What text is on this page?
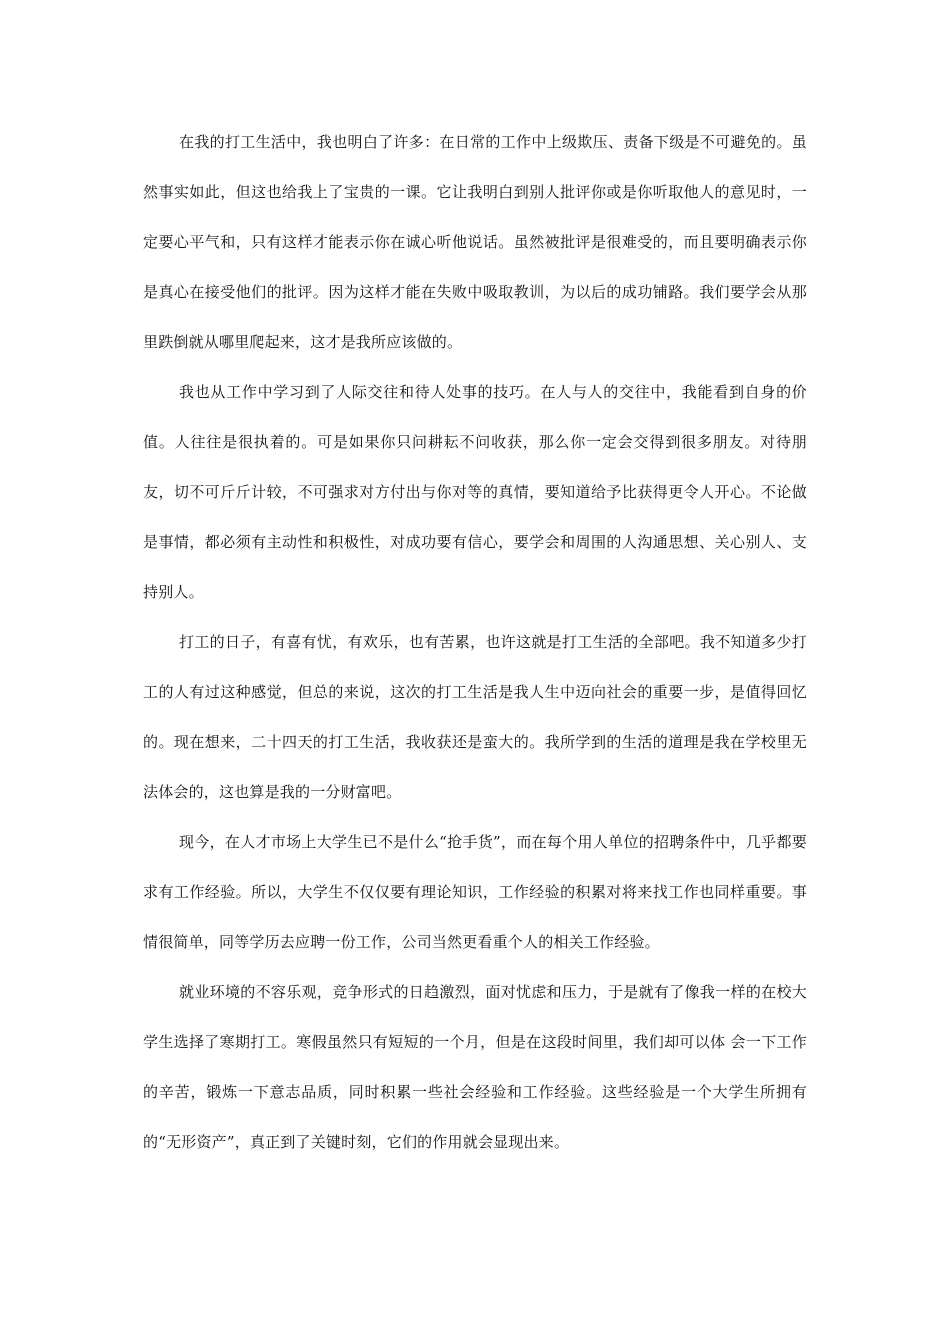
在我的打工生活中，我也明白了许多：在日常的工作中上级欺压、责备下级是不可避免的。虽然事实如此，但这也给我上了宝贵的一课。它让我明白到别人批评你或是你听取他人的意见时，一定要心平气和，只有这样才能表示你在诚心听他说话。虽然被批评是很难受的，而且要明确表示你是真心在接受他们的批评。因为这样才能在失败中吸取教训，为以后的成功铺路。我们要学会从那里跌倒就从哪里爬起来，这才是我所应该做的。

我也从工作中学习到了人际交往和待人处事的技巧。在人与人的交往中，我能看到自身的价值。人往往是很执着的。可是如果你只问耕耘不问收获，那么你一定会交得到很多朋友。对待朋友，切不可斤斤计较，不可强求对方付出与你对等的真情，要知道给予比获得更令人开心。不论做是事情，都必须有主动性和积极性，对成功要有信心，要学会和周围的人沟通思想、关心别人、支持别人。

打工的日子，有喜有忧，有欢乐，也有苦累，也许这就是打工生活的全部吧。我不知道多少打工的人有过这种感觉，但总的来说，这次的打工生活是我人生中迈向社会的重要一步，是值得回忆的。现在想来，二十四天的打工生活，我收获还是蛮大的。我所学到的生活的道理是我在学校里无法体会的，这也算是我的一分财富吧。

现今，在人才市场上大学生已不是什么“抢手货”，而在每个用人单位的招聘条件中，几乎都要求有工作经验。所以，大学生不仅仅要有理论知识，工作经验的积累对将来找工作也同样重要。事情很简单，同等学历去应聘一份工作，公司当然更看重个人的相关工作经验。

就业环境的不容乐观，竞争形式的日趋激烈，面对忧虑和压力，于是就有了像我一样的在校大学生选择了寒期打工。寒假虽然只有短短的一个月，但是在这段时间里，我们却可以体 会一下工作的辛苦，锻炼一下意志品质，同时积累一些社会经验和工作经验。这些经验是一个大学生所拥有的“无形资产”，真正到了关键时刻，它们的作用就会显现出来。
